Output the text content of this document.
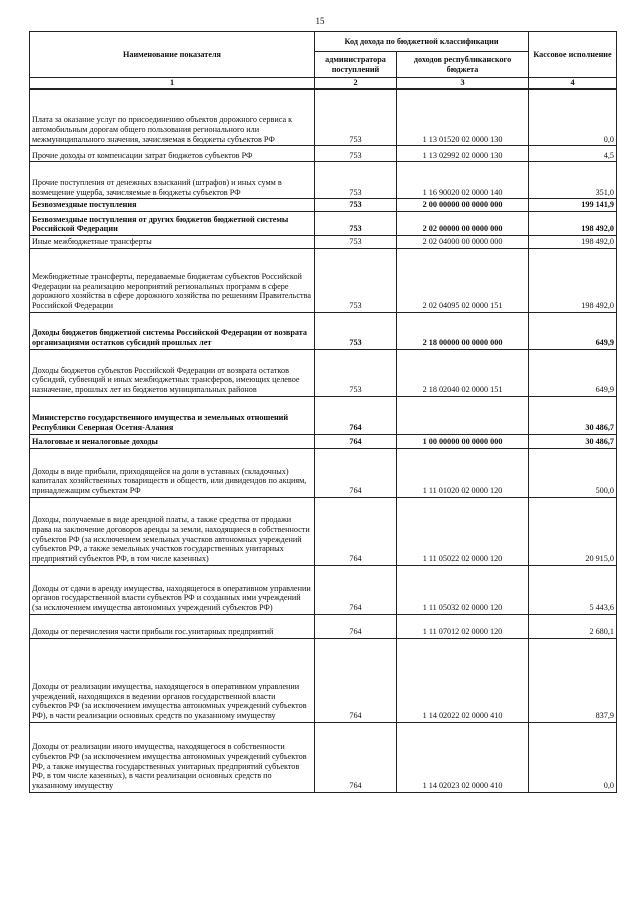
15
Наименование показателя	Код дохода по бюджетной классификации		Кассовое исполнение
	администратора поступлений	доходов республиканского бюджета	
1	2	3	4
Плата за оказание услуг по присоединению объектов дорожного сервиса к автомобильным дорогам общего пользования регионального или межмуниципального значения, зачисляемая в бюджеты субъектов РФ	753	1 13 01520 02 0000 130	0,0
Прочие доходы от компенсации затрат бюджетов субъектов РФ	753	1 13 02992 02 0000 130	4,5
Прочие поступления от денежных взысканий (штрафов) и иных сумм в возмещение ущерба, зачисляемые в бюджеты субъектов РФ	753	1 16 90020 02 0000 140	351,0
Безвозмездные поступления	753	2 00 00000 00 0000 000	199 141,9
Безвозмездные поступления от других бюджетов бюджетной системы Российской Федерации	753	2 02 00000 00 0000 000	198 492,0
Иные межбюджетные трансферты	753	2 02 04000 00 0000 000	198 492,0
Межбюджетные трансферты, передаваемые бюджетам субъектов Российской Федерации на реализацию мероприятий региональных программ в сфере дорожного хозяйства в сфере дорожного хозяйства по решениям Правительства Российской Федерации	753	2 02 04095 02 0000 151	198 492,0
Доходы бюджетов бюджетной системы Российской Федерации от возврата организациями остатков субсидий прошлых лет	753	2 18 00000 00 0000 000	649,9
Доходы бюджетов субъектов Российской Федерации от возврата остатков субсидий, субвенций и иных межбюджетных трансферов, имеющих целевое назначение, прошлых лет из бюджетов муниципальных районов	753	2 18 02040 02 0000 151	649,9
Министерство государственного имущества и земельных отношений Республики Северная Осетия-Алания	764		30 486,7
Налоговые и неналоговые доходы	764	1 00 00000 00 0000 000	30 486,7
Доходы в виде прибыли, приходящейся на доли в уставных (складочных) капиталах хозяйственных товариществ и обществ, или дивидендов по акциям, принадлежащим субъектам РФ	764	1 11 01020 02 0000 120	500,0
Доходы, получаемые в виде арендной платы, а также средства от продажи права на заключение договоров аренды за земли, находящиеся в собственности субъектов РФ (за исключением земельных участков автономных учреждений субъектов РФ, а также земельных участков государственных унитарных предприятий субъектов РФ, в том числе казенных)	764	1 11 05022 02 0000 120	20 915,0
Доходы от сдачи в аренду имущества, находящегося в оперативном управлении органов государственной власти субъектов РФ и созданных ими учреждений (за исключением имущества автономных учреждений субъектов РФ)	764	1 11 05032 02 0000 120	5 443,6
Доходы от перечисления части прибыли гос.унитарных предприятий	764	1 11 07012 02 0000 120	2 680,1
Доходы от реализации имущества, находящегося в оперативном управлении учреждений, находящихся в ведении органов государственной власти субъектов РФ (за исключением имущества автономных учреждений субъектов РФ), в части реализации основных средств по указанному имуществу	764	1 14 02022 02 0000 410	837,9
Доходы от реализации иного имущества, находящегося в собственности субъектов РФ (за исключением имущества автономных учреждений субъектов РФ, а также имущества государственных унитарных предприятий субъектов РФ, в том числе казенных), в части реализации основных средств по указанному имуществу	764	1 14 02023 02 0000 410	0,0
